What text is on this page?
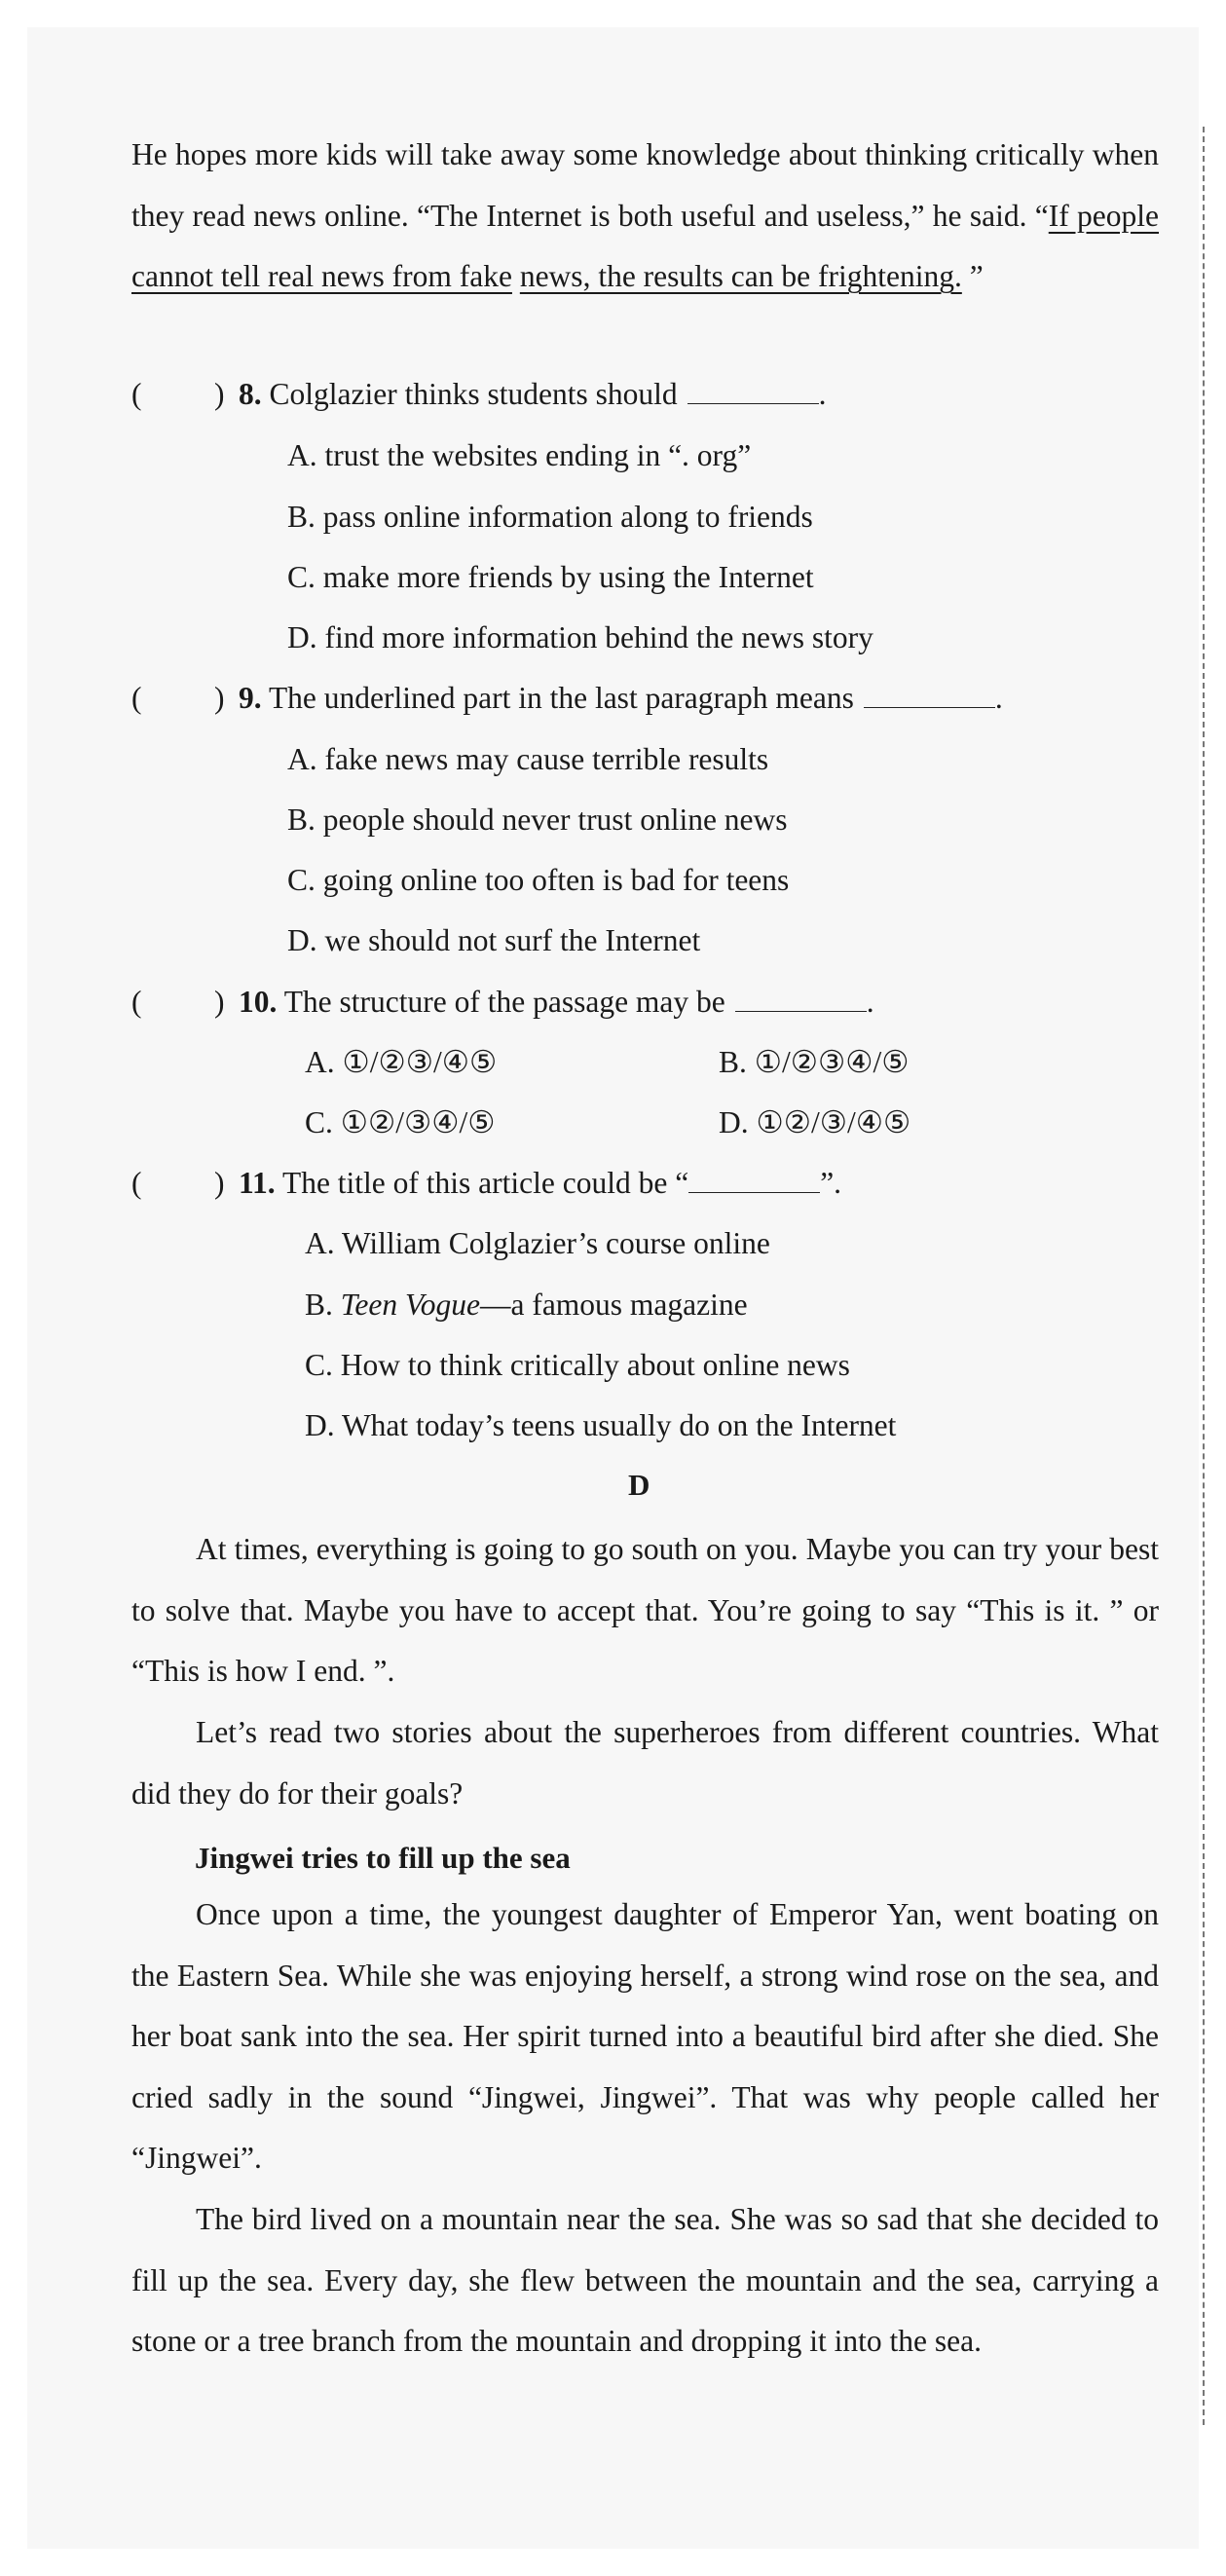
He hopes more kids will take away some knowledge about thinking critically when they read news online. “The Internet is both useful and useless,” he said. “If people cannot tell real news from fake news, the results can be frightening. ”
( ) 8. Colglazier thinks students should	.
A. trust the websites ending in “. org”
B. pass online information along to friends
C. make more friends by using the Internet
D. find more information behind the news story
( ) 9. The underlined part in the last paragraph means	.
A. fake news may cause terrible results
B. people should never trust online news
C. going online too often is bad for teens
D. we should not surf the Internet
( ) 10. The structure of the passage may be	.
A. ①/②③/④⑤	B. ①/②③④/⑤
C. ①②/③④/⑤	D. ①②/③/④⑤
( ) 11. The title of this article could be “	”.
A. William Colglazier’s course online
B. Teen Vogue—a famous magazine
C. How to think critically about online news
D. What today’s teens usually do on the Internet
D
At times, everything is going to go south on you. Maybe you can try your best to solve that. Maybe you have to accept that. You’re going to say “This is it. ” or “This is how I end. ”.
Let’s read two stories about the superheroes from different countries. What did they do for their goals?
Jingwei tries to fill up the sea
Once upon a time, the youngest daughter of Emperor Yan, went boating on the Eastern Sea. While she was enjoying herself, a strong wind rose on the sea, and her boat sank into the sea. Her spirit turned into a beautiful bird after she died. She cried sadly in the sound “Jingwei, Jingwei”. That was why people called her “Jingwei”.
The bird lived on a mountain near the sea. She was so sad that she decided to fill up the sea. Every day, she flew between the mountain and the sea, carrying a stone or a tree branch from the mountain and dropping it into the sea.
